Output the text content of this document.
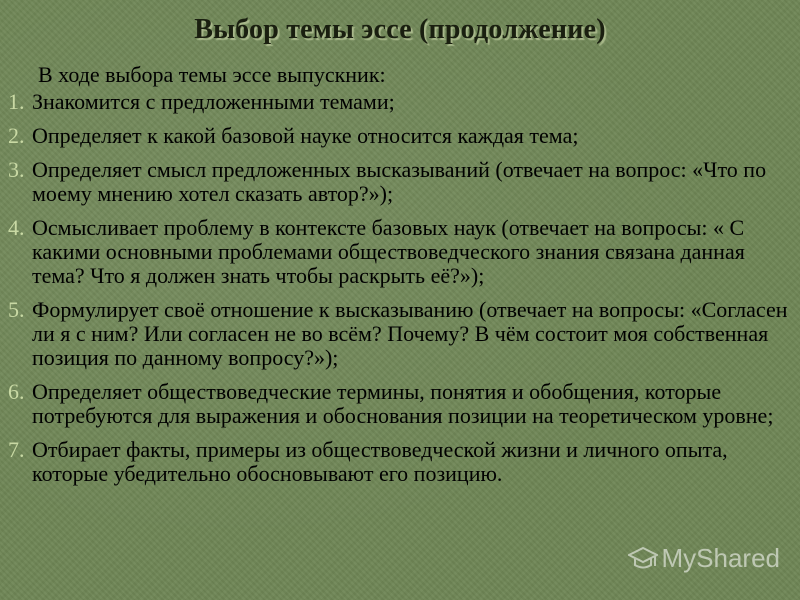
Выбор темы эссе (продолжение)
В ходе выбора темы эссе выпускник:
1. Знакомится с предложенными темами;
2. Определяет к какой базовой науке относится каждая тема;
3. Определяет смысл предложенных высказываний (отвечает на вопрос: «Что по моему мнению хотел сказать автор?»);
4. Осмысливает проблему в контексте базовых наук (отвечает на вопросы: « С какими основными проблемами обществоведческого знания связана данная тема? Что я должен знать чтобы раскрыть её?»);
5. Формулирует своё отношение к высказыванию (отвечает на вопросы: «Согласен ли я с ним? Или согласен не во всём? Почему? В чём состоит моя собственная позиция по данному вопросу?»);
6. Определяет обществоведческие термины, понятия и обобщения, которые потребуются для выражения и обоснования позиции на теоретическом уровне;
7. Отбирает факты, примеры из обществоведческой жизни и личного опыта, которые убедительно обосновывают его позицию.
MyShared
